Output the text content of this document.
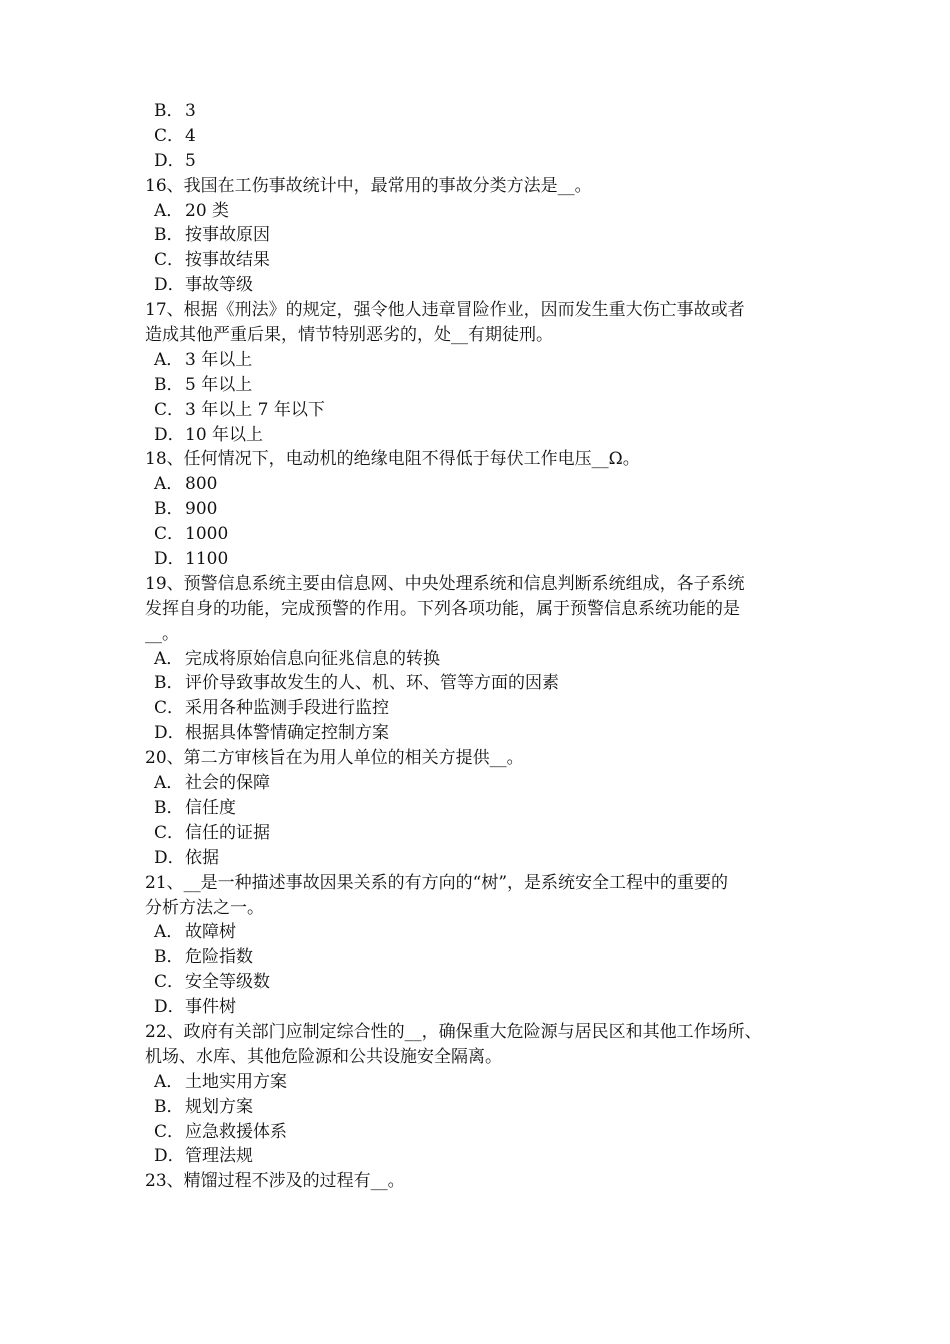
B．3
C．4
D．5
16、我国在工伤事故统计中，最常用的事故分类方法是__。
A． 20 类
B．按事故原因
C．按事故结果
D．事故等级
17、根据《刑法》的规定，强令他人违章冒险作业，因而发生重大伤亡事故或者
造成其他严重后果，情节特别恶劣的，处__有期徒刑。
A． 3 年以上
B．5 年以上
C．3 年以上 7 年以下
D．10 年以上
18、任何情况下，电动机的绝缘电阻不得低于每伏工作电压__Ω。
A． 800
B．900
C．1000
D．1100
19、预警信息系统主要由信息网、中央处理系统和信息判断系统组成，各子系统
发挥自身的功能，完成预警的作用。下列各项功能，属于预警信息系统功能的是
__。
A． 完成将原始信息向征兆信息的转换
B．评价导致事故发生的人、机、环、管等方面的因素
C．采用各种监测手段进行监控
D．根据具体警情确定控制方案
20、第二方审核旨在为用人单位的相关方提供__。
A． 社会的保障
B．信任度
C．信任的证据
D．依据
21、__是一种描述事故因果关系的有方向的“树”，是系统安全工程中的重要的
分析方法之一。
A． 故障树
B．危险指数
C．安全等级数
D．事件树
22、政府有关部门应制定综合性的__，确保重大危险源与居民区和其他工作场所、
机场、水库、其他危险源和公共设施安全隔离。
A． 土地实用方案
B．规划方案
C．应急救援体系
D．管理法规
23、精馏过程不涉及的过程有__。
